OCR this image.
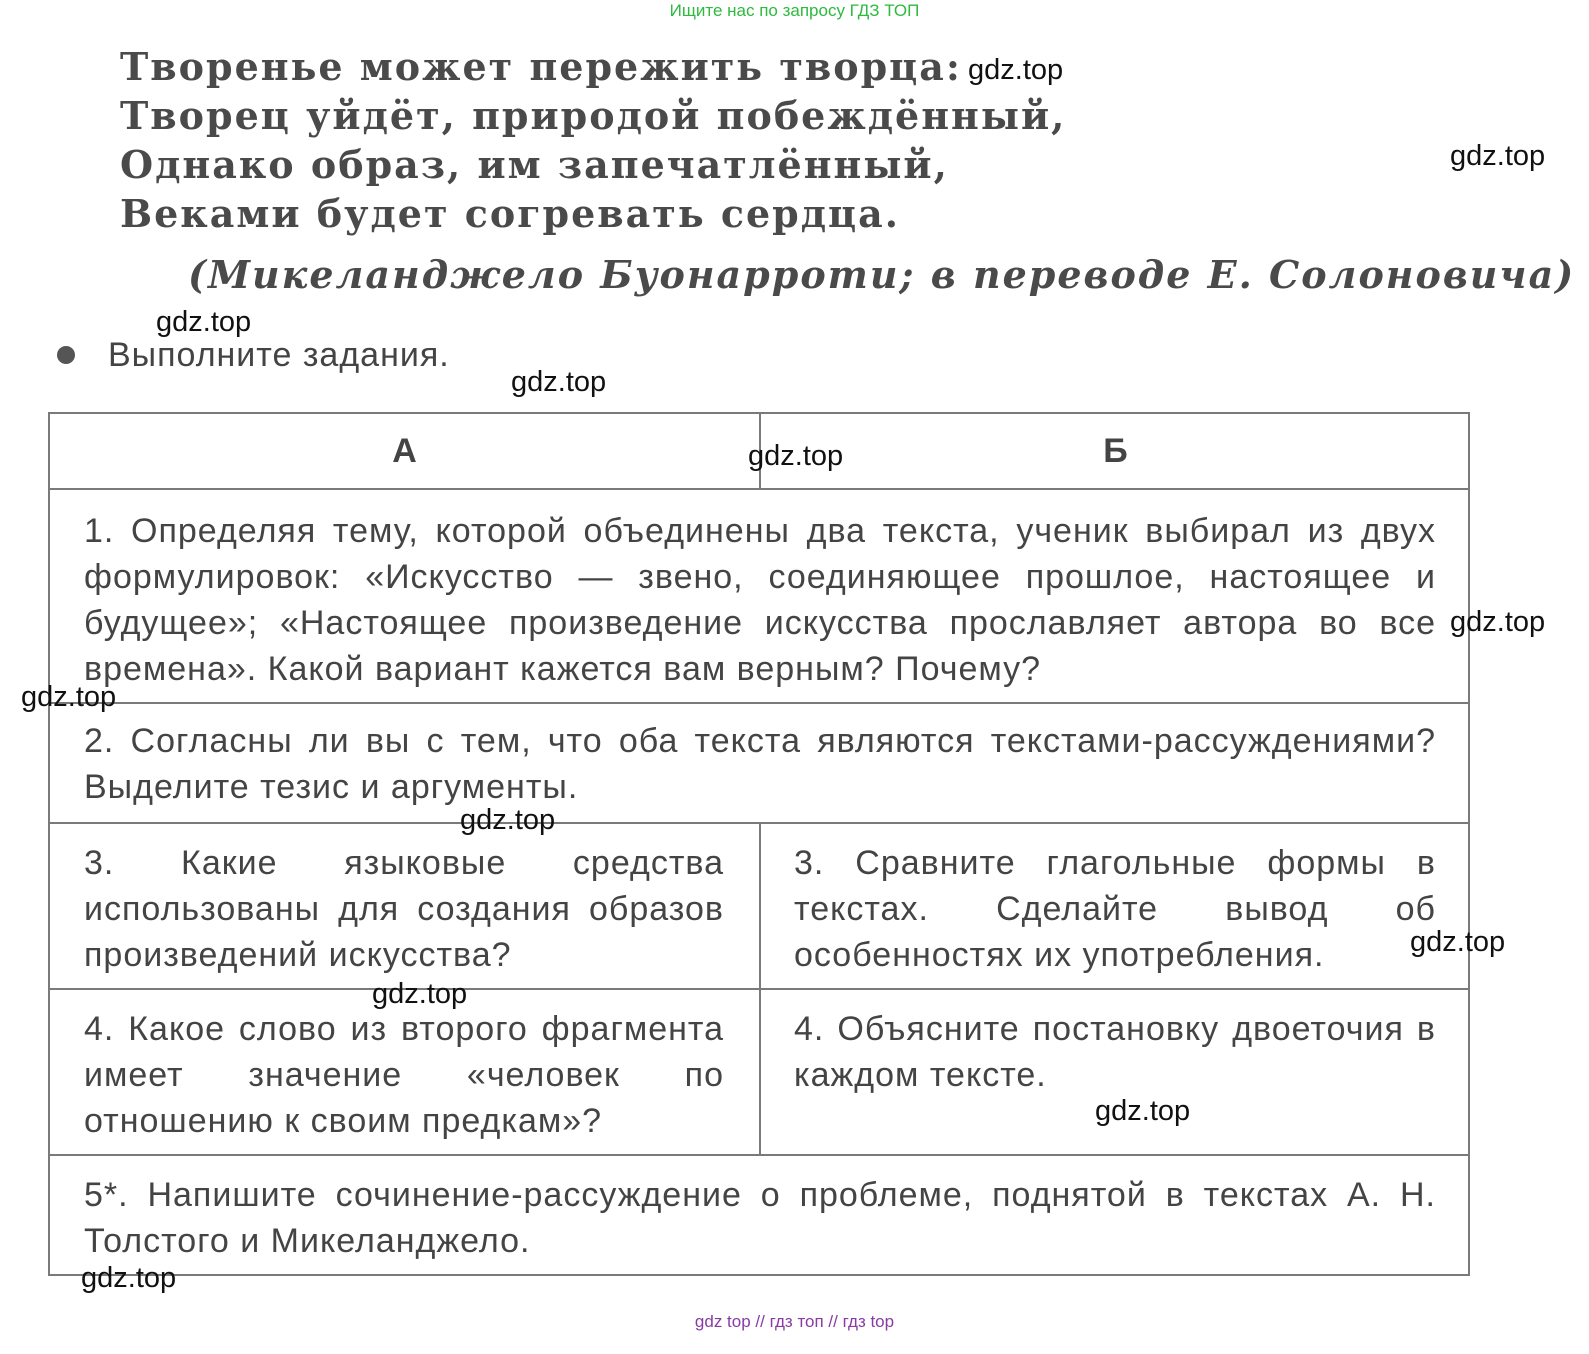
Ищите нас по запросу ГДЗ ТОП
Творенье может пережить творца:
Творец уйдёт, природой побеждённый,
Однако образ, им запечатлённый,
Веками будет согревать сердца.
(Микеланджело Буонарроти; в переводе Е. Солоновича)
Выполните задания.
А	Б
1. Определяя тему, которой объединены два текста, ученик выбирал из двух формулировок: «Искусство — звено, соединяющее прошлое, настоящее и будущее»; «Настоящее произведение искусства прославляет автора во все времена». Какой вариант кажется вам верным? Почему?
2. Согласны ли вы с тем, что оба текста являются текстами-рассуждениями? Выделите тезис и аргументы.
3. Какие языковые средства использованы для создания образов произведений искусства?
3. Сравните глагольные формы в текстах. Сделайте вывод об особенностях их употребления.
4. Какое слово из второго фрагмента имеет значение «человек по отношению к своим предкам»?
4. Объясните постановку двоеточия в каждом тексте.
5*. Напишите сочинение-рассуждение о проблеме, поднятой в текстах А. Н. Толстого и Микеланджело.
gdz.top
gdz.top
gdz.top
gdz.top
gdz.top
gdz.top
gdz.top
gdz.top
gdz.top
gdz.top
gdz.top
gdz.top
gdz top // гдз топ // гдз top
